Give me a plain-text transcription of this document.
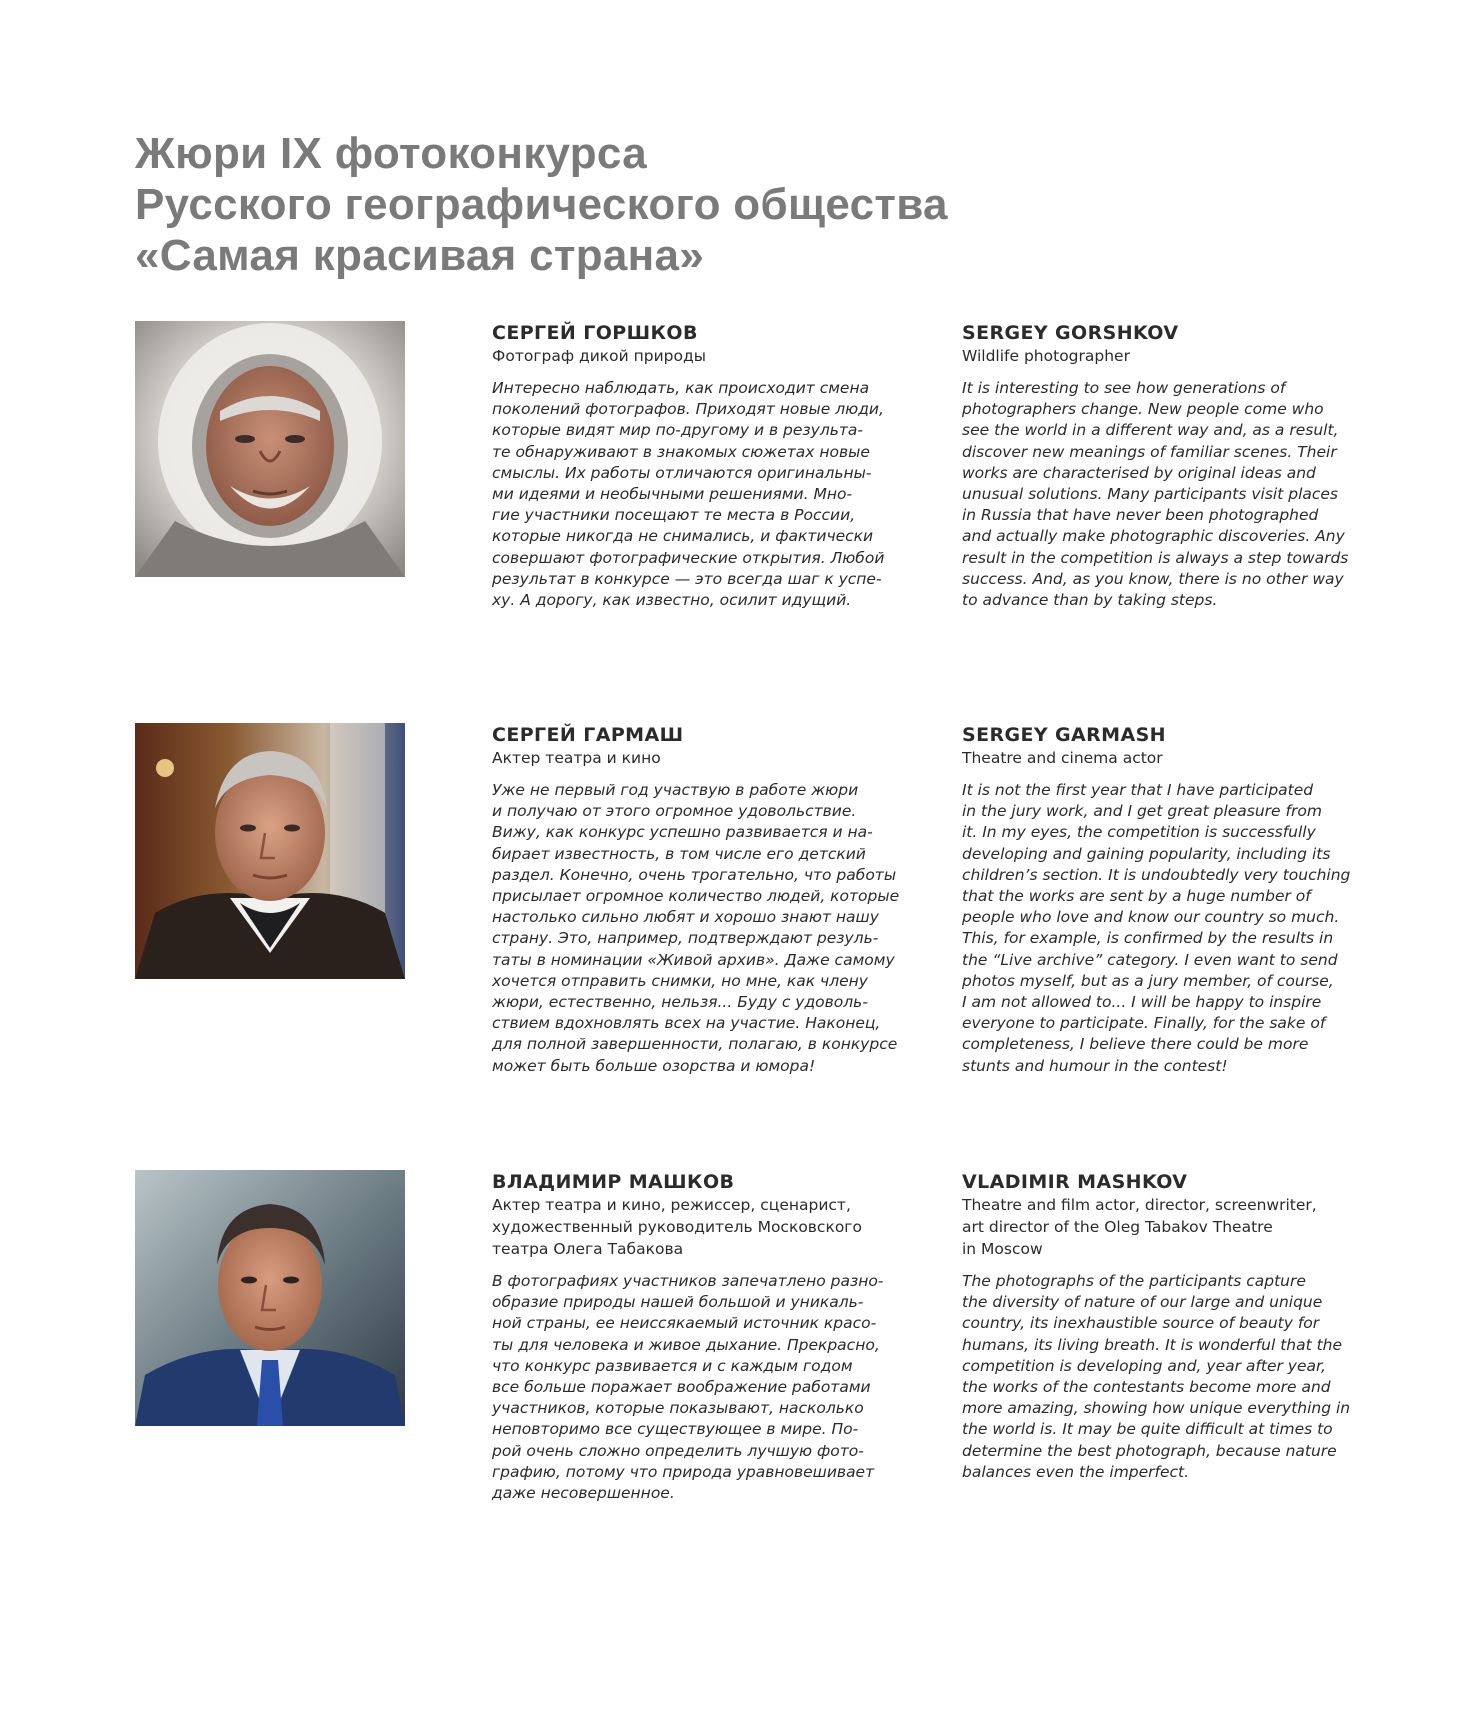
Жюри IX фотоконкурса
Русского географического общества
«Самая красивая страна»
СЕРГЕЙ ГОРШКОВ
Фотограф дикой природы
Интересно наблюдать, как происходит смена
поколений фотографов. Приходят новые люди,
которые видят мир по-другому и в результа-
те обнаруживают в знакомых сюжетах новые
смыслы. Их работы отличаются оригинальны-
ми идеями и необычными решениями. Мно-
гие участники посещают те места в России,
которые никогда не снимались, и фактически
совершают фотографические открытия. Любой
результат в конкурсе — это всегда шаг к успе-
ху. А дорогу, как известно, осилит идущий.
SERGEY GORSHKOV
Wildlife photographer
It is interesting to see how generations of
photographers change. New people come who
see the world in a different way and, as a result,
discover new meanings of familiar scenes. Their
works are characterised by original ideas and
unusual solutions. Many participants visit places
in Russia that have never been photographed
and actually make photographic discoveries. Any
result in the competition is always a step towards
success. And, as you know, there is no other way
to advance than by taking steps.
СЕРГЕЙ ГАРМАШ
Актер театра и кино
Уже не первый год участвую в работе жюри
и получаю от этого огромное удовольствие.
Вижу, как конкурс успешно развивается и на-
бирает известность, в том числе его детский
раздел. Конечно, очень трогательно, что работы
присылает огромное количество людей, которые
настолько сильно любят и хорошо знают нашу
страну. Это, например, подтверждают резуль-
таты в номинации «Живой архив». Даже самому
хочется отправить снимки, но мне, как члену
жюри, естественно, нельзя... Буду с удоволь-
ствием вдохновлять всех на участие. Наконец,
для полной завершенности, полагаю, в конкурсе
может быть больше озорства и юмора!
SERGEY GARMASH
Theatre and cinema actor
It is not the first year that I have participated
in the jury work, and I get great pleasure from
it. In my eyes, the competition is successfully
developing and gaining popularity, including its
children’s section. It is undoubtedly very touching
that the works are sent by a huge number of
people who love and know our country so much.
This, for example, is confirmed by the results in
the “Live archive” category. I even want to send
photos myself, but as a jury member, of course,
I am not allowed to... I will be happy to inspire
everyone to participate. Finally, for the sake of
completeness, I believe there could be more
stunts and humour in the contest!
ВЛАДИМИР МАШКОВ
Актер театра и кино, режиссер, сценарист,
художественный руководитель Московского
театра Олега Табакова
В фотографиях участников запечатлено разно-
образие природы нашей большой и уникаль-
ной страны, ее неиссякаемый источник красо-
ты для человека и живое дыхание. Прекрасно,
что конкурс развивается и с каждым годом
все больше поражает воображение работами
участников, которые показывают, насколько
неповторимо все существующее в мире. По-
рой очень сложно определить лучшую фото-
графию, потому что природа уравновешивает
даже несовершенное.
VLADIMIR MASHKOV
Theatre and film actor, director, screenwriter,
art director of the Oleg Tabakov Theatre
in Moscow
The photographs of the participants capture
the diversity of nature of our large and unique
country, its inexhaustible source of beauty for
humans, its living breath. It is wonderful that the
competition is developing and, year after year,
the works of the contestants become more and
more amazing, showing how unique everything in
the world is. It may be quite difficult at times to
determine the best photograph, because nature
balances even the imperfect.
